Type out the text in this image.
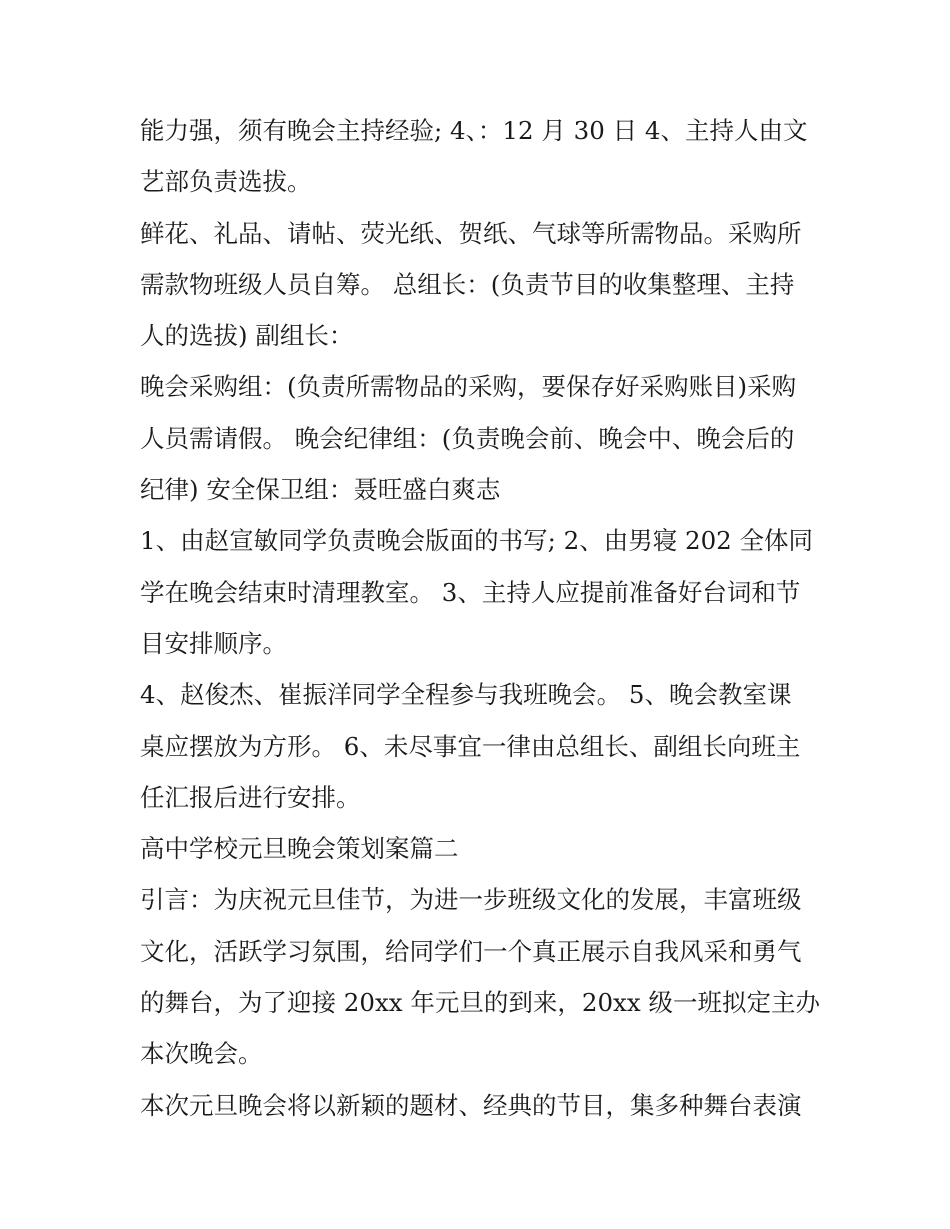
能力强，须有晚会主持经验; 4、：12 月 30 日 4、主持人由文
艺部负责选拔。

鲜花、礼品、请帖、荧光纸、贺纸、气球等所需物品。采购所
需款物班级人员自筹。 总组长：(负责节目的收集整理、主持
人的选拔) 副组长：

晚会采购组：(负责所需物品的采购，要保存好采购账目)采购
人员需请假。 晚会纪律组：(负责晚会前、晚会中、晚会后的
纪律) 安全保卫组：聂旺盛白爽志

1、由赵宣敏同学负责晚会版面的书写; 2、由男寝 202 全体同
学在晚会结束时清理教室。 3、主持人应提前准备好台词和节
目安排顺序。

4、赵俊杰、崔振洋同学全程参与我班晚会。 5、晚会教室课
桌应摆放为方形。 6、未尽事宜一律由总组长、副组长向班主
任汇报后进行安排。

高中学校元旦晚会策划案篇二

引言：为庆祝元旦佳节，为进一步班级文化的发展，丰富班级
文化，活跃学习氛围，给同学们一个真正展示自我风采和勇气
的舞台，为了迎接 20xx 年元旦的到来，20xx 级一班拟定主办
本次晚会。

本次元旦晚会将以新颖的题材、经典的节目，集多种舞台表演
